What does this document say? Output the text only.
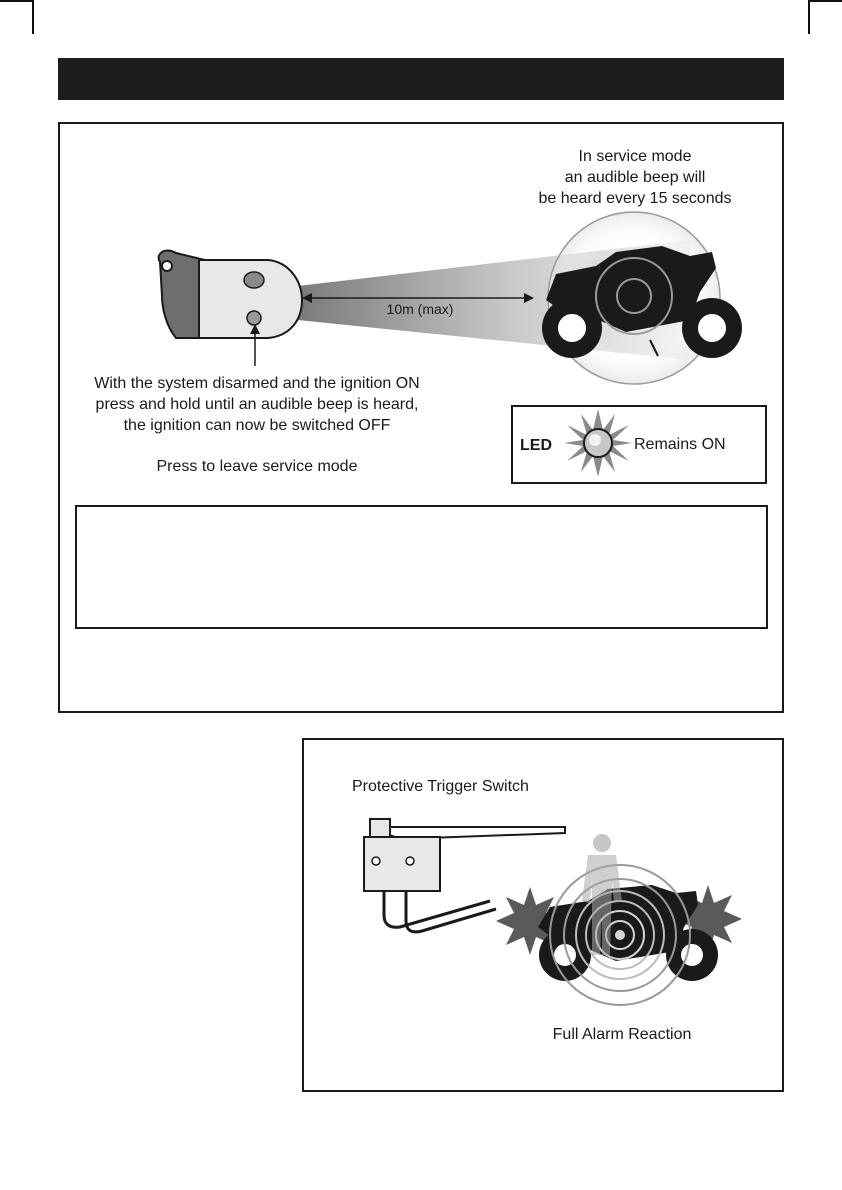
In service mode
an audible beep will
be heard every 15 seconds
10m (max)
With the system disarmed and the ignition ON
press and hold until an audible beep is heard,
the ignition can now be switched OFF
Press to leave service mode
LED	Remains ON
Protective Trigger Switch
Full Alarm Reaction
